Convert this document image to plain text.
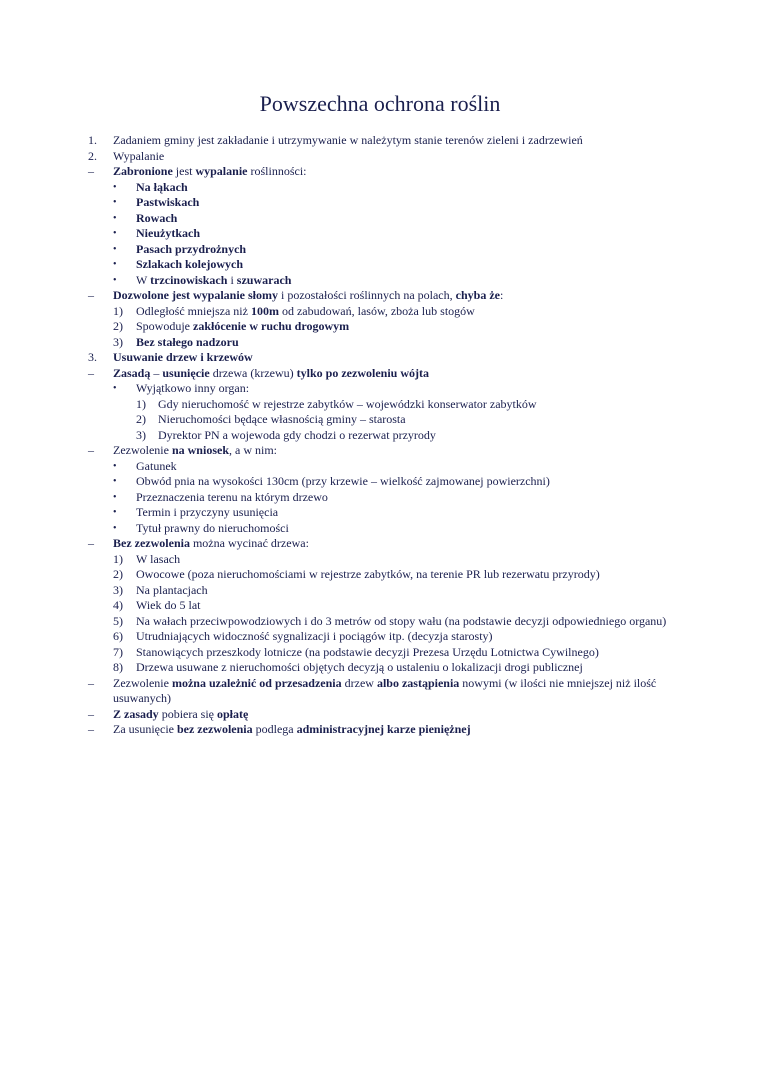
Powszechna ochrona roślin
1. Zadaniem gminy jest zakładanie i utrzymywanie w należytym stanie terenów zieleni i zadrzewień
2. Wypalanie
– Zabronione jest wypalanie roślinności:
• Na łąkach
• Pastwiskach
• Rowach
• Nieużytkach
• Pasach przydrożnych
• Szlakach kolejowych
• W trzcinowiskach i szuwarach
– Dozwolone jest wypalanie słomy i pozostałości roślinnych na polach, chyba że:
1) Odległość mniejsza niż 100m od zabudowań, lasów, zboża lub stogów
2) Spowoduje zakłócenie w ruchu drogowym
3) Bez stałego nadzoru
3. Usuwanie drzew i krzewów
– Zasadą – usunięcie drzewa (krzewu) tylko po zezwoleniu wójta
• Wyjątkowo inny organ:
1) Gdy nieruchomość w rejestrze zabytków – wojewódzki konserwator zabytków
2) Nieruchomości będące własnością gminy – starosta
3) Dyrektor PN a wojewoda gdy chodzi o rezerwat przyrody
– Zezwolenie na wniosek, a w nim:
• Gatunek
• Obwód pnia na wysokości 130cm (przy krzewie – wielkość zajmowanej powierzchni)
• Przeznaczenia terenu na którym drzewo
• Termin i przyczyny usunięcia
• Tytuł prawny do nieruchomości
– Bez zezwolenia można wycinać drzewa:
1) W lasach
2) Owocowe (poza nieruchomościami w rejestrze zabytków, na terenie PR lub rezerwatu przyrody)
3) Na plantacjach
4) Wiek do 5 lat
5) Na wałach przeciwpowodziowych i do 3 metrów od stopy wału (na podstawie decyzji odpowiedniego organu)
6) Utrudniających widoczność sygnalizacji i pociągów itp. (decyzja starosty)
7) Stanowiących przeszkody lotnicze (na podstawie decyzji Prezesa Urzędu Lotnictwa Cywilnego)
8) Drzewa usuwane z nieruchomości objętych decyzją o ustaleniu o lokalizacji drogi publicznej
– Zezwolenie można uzależnić od przesadzenia drzew albo zastąpienia nowymi (w ilości nie mniejszej niż ilość usuwanych)
– Z zasady pobiera się opłatę
– Za usunięcie bez zezwolenia podlega administracyjnej karze pieniężnej
